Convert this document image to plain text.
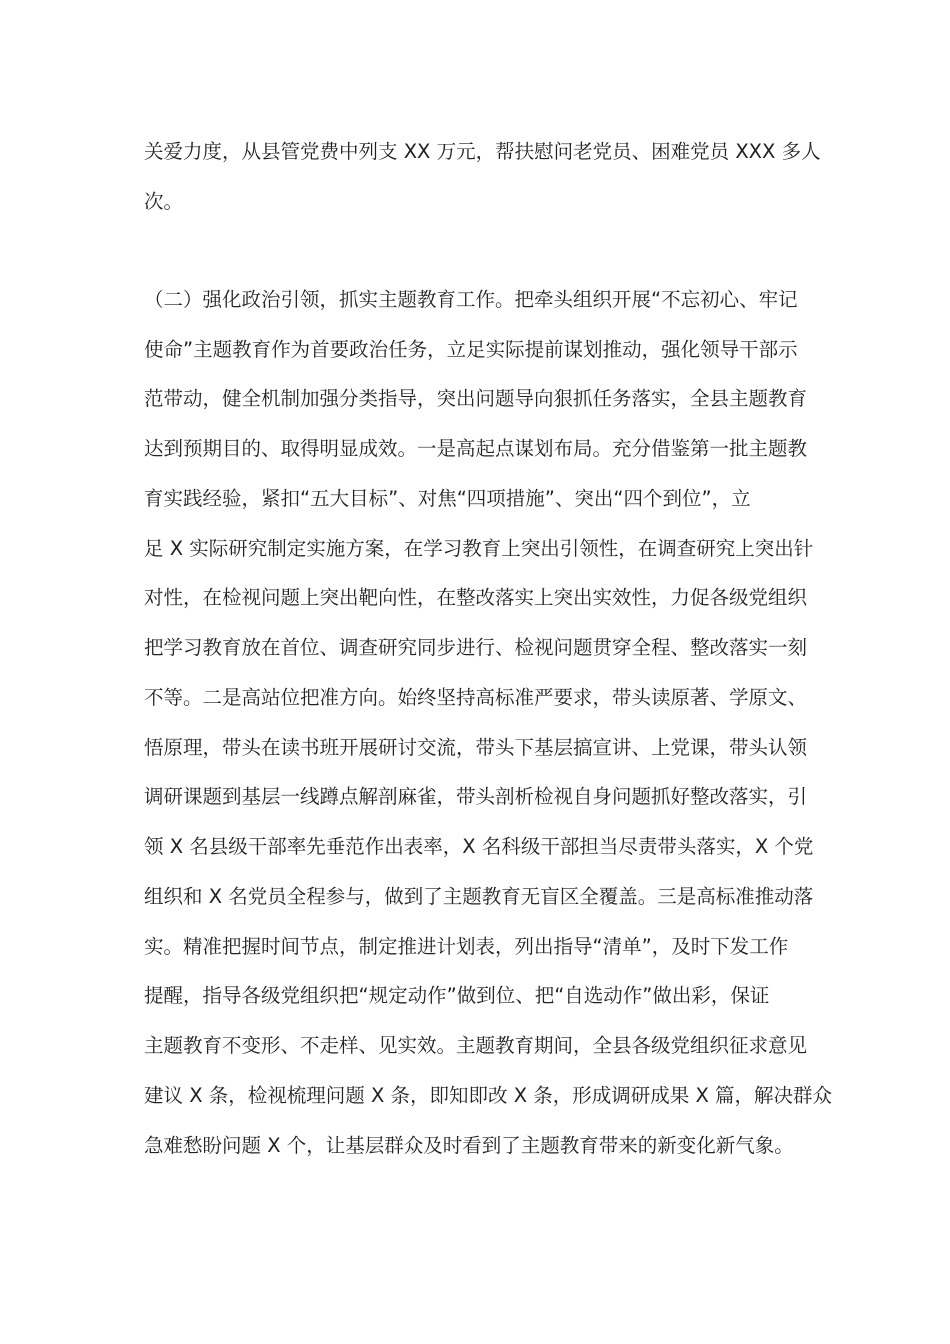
关爱力度，从县管党费中列支 XX 万元，帮扶慰问老党员、困难党员 XXX 多人
次。
（二）强化政治引领，抓实主题教育工作。把牵头组织开展“不忘初心、牢记
使命”主题教育作为首要政治任务，立足实际提前谋划推动，强化领导干部示
范带动，健全机制加强分类指导，突出问题导向狠抓任务落实，全县主题教育
达到预期目的、取得明显成效。一是高起点谋划布局。充分借鉴第一批主题教
育实践经验，紧扣“五大目标”、对焦“四项措施”、突出“四个到位”，立
足 X 实际研究制定实施方案，在学习教育上突出引领性，在调查研究上突出针
对性，在检视问题上突出靶向性，在整改落实上突出实效性，力促各级党组织
把学习教育放在首位、调查研究同步进行、检视问题贯穿全程、整改落实一刻
不等。二是高站位把准方向。始终坚持高标准严要求，带头读原著、学原文、
悟原理，带头在读书班开展研讨交流，带头下基层搞宣讲、上党课，带头认领
调研课题到基层一线蹲点解剖麻雀，带头剖析检视自身问题抓好整改落实，引
领 X 名县级干部率先垂范作出表率，X 名科级干部担当尽责带头落实，X 个党
组织和 X 名党员全程参与，做到了主题教育无盲区全覆盖。三是高标准推动落
实。精准把握时间节点，制定推进计划表，列出指导“清单”，及时下发工作
提醒，指导各级党组织把“规定动作”做到位、把“自选动作”做出彩，保证
主题教育不变形、不走样、见实效。主题教育期间，全县各级党组织征求意见
建议 X 条，检视梳理问题 X 条，即知即改 X 条，形成调研成果 X 篇，解决群众
急难愁盼问题 X 个，让基层群众及时看到了主题教育带来的新变化新气象。
